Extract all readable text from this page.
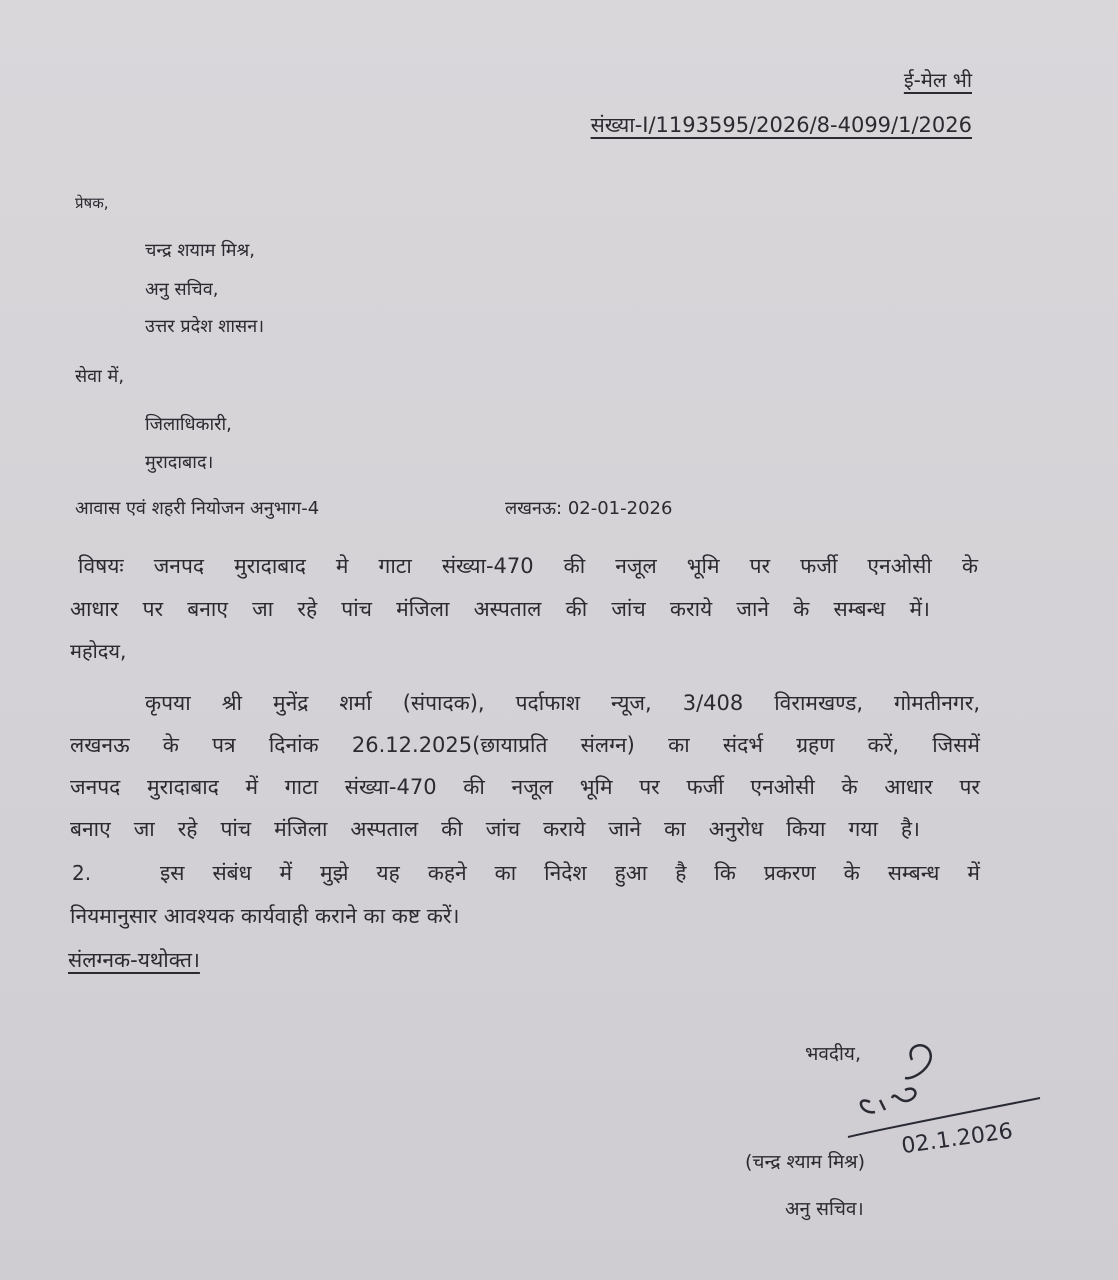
ई-मेल भी
संख्या-I/1193595/2026/8-4099/1/2026
प्रेषक,
चन्द्र शयाम मिश्र,
अनु सचिव,
उत्तर प्रदेश शासन।
सेवा में,
जिलाधिकारी,
मुरादाबाद।
आवास एवं शहरी नियोजन अनुभाग-4	लखनऊ: 02-01-2026
विषयः जनपद मुरादाबाद मे गाटा संख्या-470 की नजूल भूमि पर फर्जी एनओसी के
आधार पर बनाए जा रहे पांच मंजिला अस्पताल की जांच कराये जाने के सम्बन्ध में।
महोदय,
कृपया श्री मुनेंद्र शर्मा (संपादक), पर्दाफाश न्यूज, 3/408 विरामखण्ड, गोमतीनगर,
लखनऊ के पत्र दिनांक 26.12.2025(छायाप्रति संलग्न) का संदर्भ ग्रहण करें, जिसमें
जनपद मुरादाबाद में गाटा संख्या-470 की नजूल भूमि पर फर्जी एनओसी के आधार पर
बनाए जा रहे पांच मंजिला अस्पताल की जांच कराये जाने का अनुरोध किया गया है।
2.	इस संबंध में मुझे यह कहने का निदेश हुआ है कि प्रकरण के सम्बन्ध में
नियमानुसार आवश्यक कार्यवाही कराने का कष्ट करें।
संलग्नक-यथोक्त।
भवदीय,
02.1.2026
(चन्द्र श्याम मिश्र)
अनु सचिव।
